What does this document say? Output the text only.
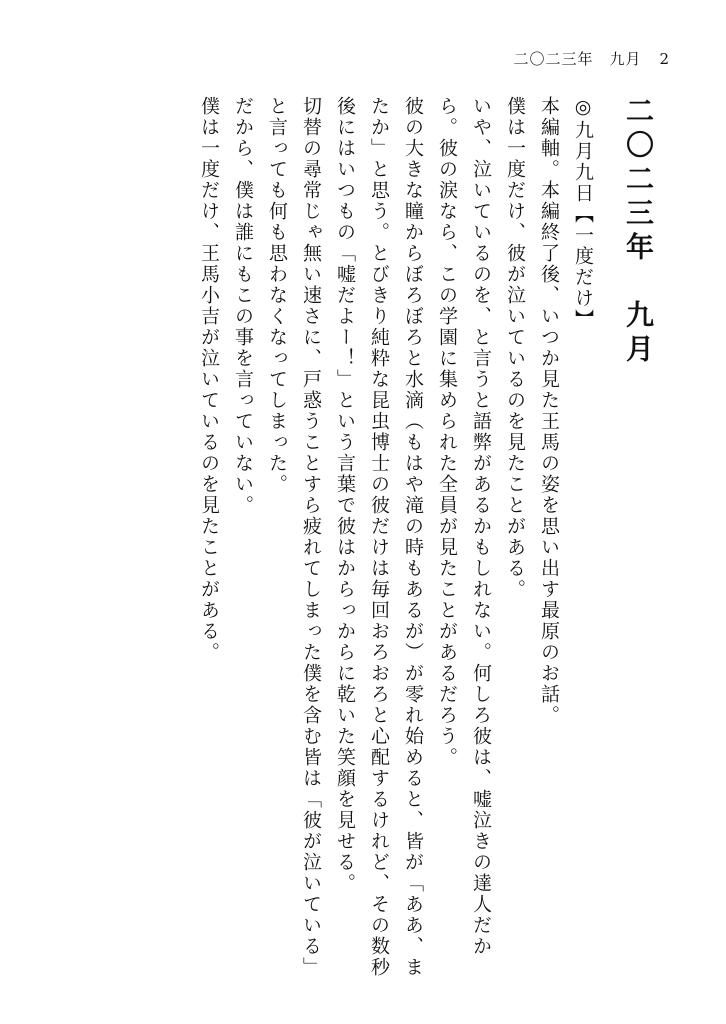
二〇二三年　九月 2

二〇二三年　九月

◎九月九日【一度だけ】

本編軸。本編終了後、いつか見た王馬の姿を思い出す最原のお話。

僕は一度だけ、彼が泣いているのを見たことがある。

いや、泣いているのを、と言うと語弊があるかもしれない。何しろ彼は、嘘泣きの達人だから。彼の涙なら、この学園に集められた全員が見たことがあるだろう。

彼の大きな瞳からぼろぼろと水滴（もはや滝の時もあるが）が零れ始めると、皆が「ああ、またか」と思う。とびきり純粋な昆虫博士の彼だけは毎回おろおろと心配するけれど、その数秒後にはいつもの「嘘だよー！」という言葉で彼はからっからに乾いた笑顔を見せる。

切替の尋常じゃ無い速さに、戸惑うことすら疲れてしまった僕を含む皆は「彼が泣いている」と言っても何も思わなくなってしまった。

だから、僕は誰にもこの事を言っていない。

僕は一度だけ、王馬小吉が泣いているのを見たことがある。
